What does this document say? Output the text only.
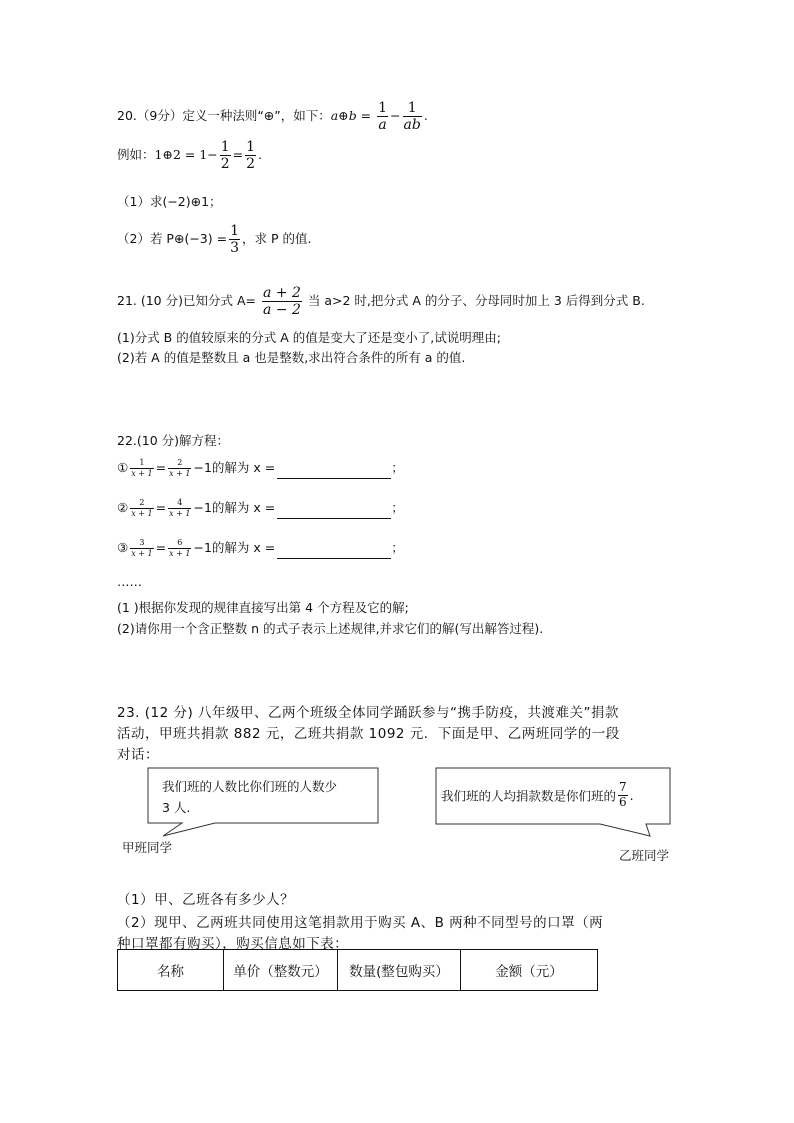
20.（9分）定义一种法则“⊕”，如下：a⊕b = $\frac{1}{a} - \frac{1}{ab}$ .
例如：1⊕2 = $1- \frac{1}{2} = \frac{1}{2}$ .
（1）求(−2)⊕1；
（2）若 P⊕(−3) = $\frac{1}{3}$ ，求 P 的值.
21. (10 分)已知分式 $A= \frac{a + 2}{a - 2}$ 当 a>2 时,把分式 A 的分子、分母同时加上 3 后得到分式 B.
(1)分式 B 的值较原来的分式 A 的值是变大了还是变小了,试说明理由;
(2)若 A 的值是整数且 a 也是整数,求出符合条件的所有 a 的值.
22.(10 分)解方程：
① $\frac{1}{x + 1} = \frac{2}{x + 1} -1$的解为 x =	；
② $\frac{2}{x + 1} = \frac{4}{x + 1} -1$的解为 x =	；
③ $\frac{3}{x + 1} = \frac{6}{x + 1} -1$的解为 x =	；
……
(1 )根据你发现的规律直接写出第 4 个方程及它的解;
(2)请你用一个含正整数 n 的式子表示上述规律,并求它们的解(写出解答过程).
23. (12 分) 八年级甲、乙两个班级全体同学踊跃参与“携手防疫，共渡难关”捐款
活动，甲班共捐款 882 元，乙班共捐款 1092 元．下面是甲、乙两班同学的一段
对话：
我们班的人数比你们班的人数少
3 人.
我们班的人均捐款数是你们班的 $\frac{7}{6}$ .
甲班同学
乙班同学
（1）甲、乙班各有多少人？
（2）现甲、乙两班共同使用这笔捐款用于购买 A、B 两种不同型号的口罩（两
种口罩都有购买），购买信息如下表：
名称	单价（整数元）	数量(整包购买）	金额（元）
